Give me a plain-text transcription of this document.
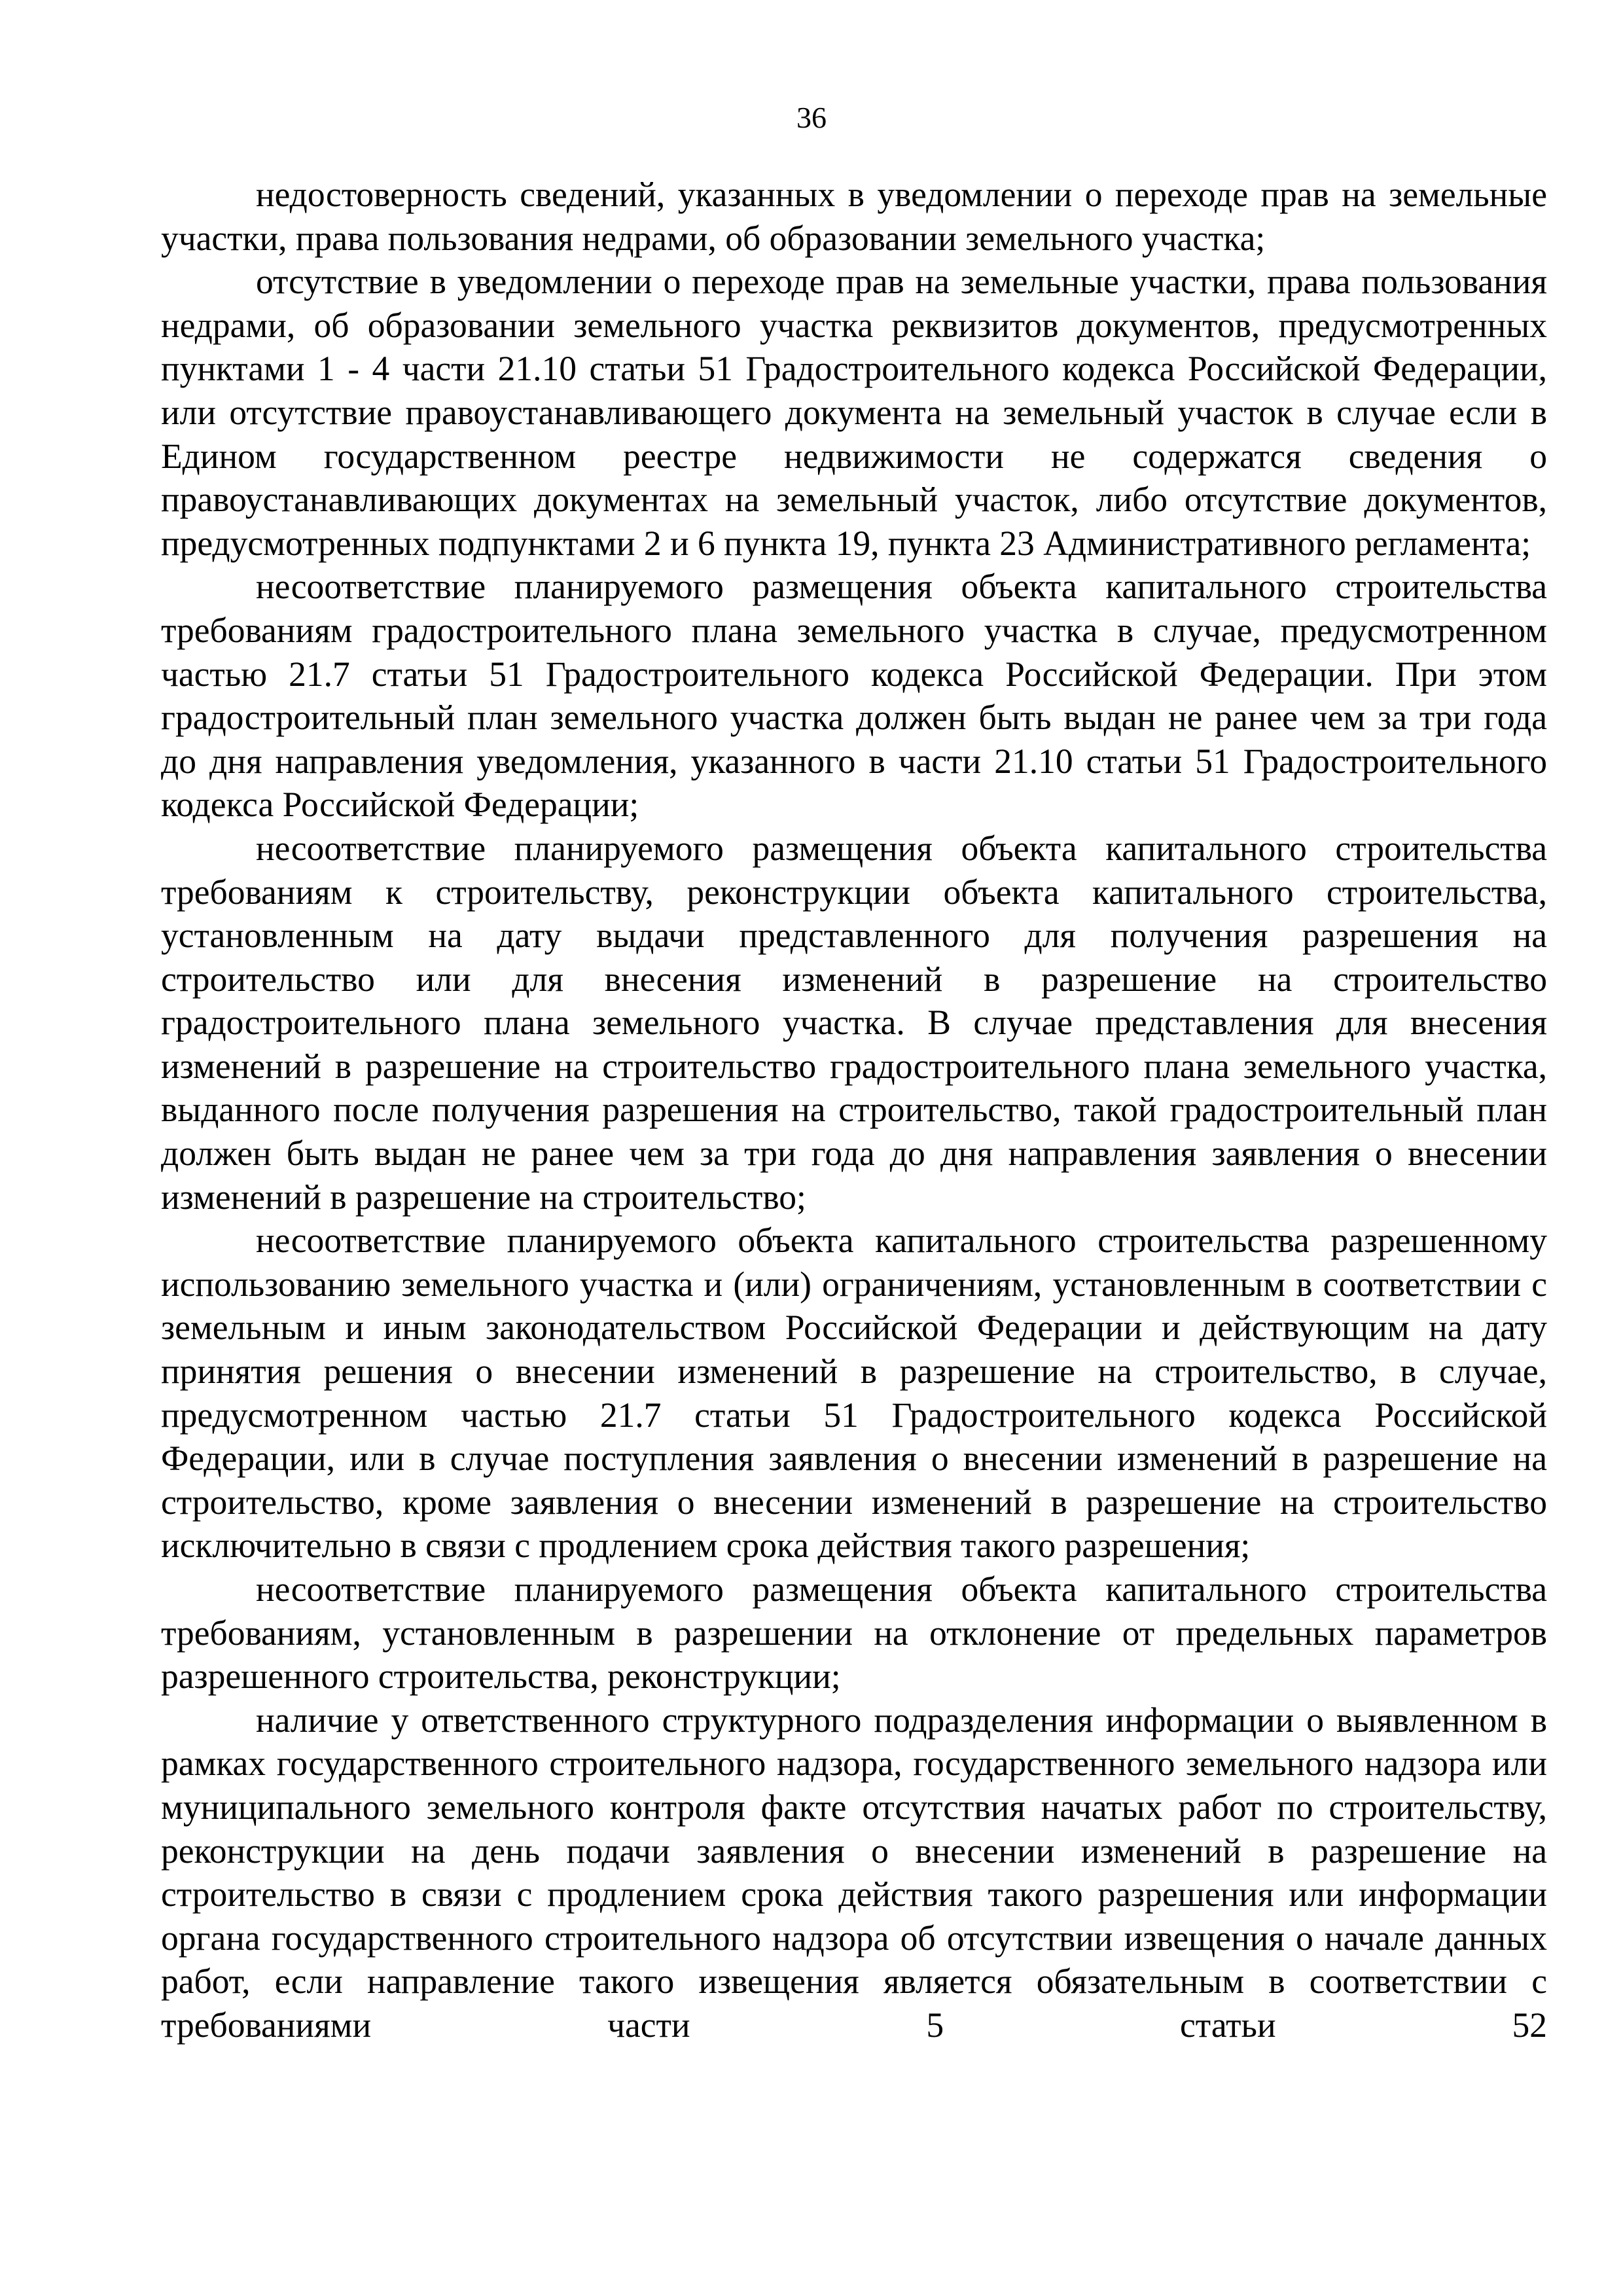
36

недостоверность сведений, указанных в уведомлении о переходе прав на земельные участки, права пользования недрами, об образовании земельного участка;

отсутствие в уведомлении о переходе прав на земельные участки, права пользования недрами, об образовании земельного участка реквизитов документов, предусмотренных пунктами 1 - 4 части 21.10 статьи 51 Градостроительного кодекса Российской Федерации, или отсутствие правоустанавливающего документа на земельный участок в случае если в Едином государственном реестре недвижимости не содержатся сведения о правоустанавливающих документах на земельный участок, либо отсутствие документов, предусмотренных подпунктами 2 и 6 пункта 19, пункта 23 Административного регламента;

несоответствие планируемого размещения объекта капитального строительства требованиям градостроительного плана земельного участка в случае, предусмотренном частью 21.7 статьи 51 Градостроительного кодекса Российской Федерации. При этом градостроительный план земельного участка должен быть выдан не ранее чем за три года до дня направления уведомления, указанного в части 21.10 статьи 51 Градостроительного кодекса Российской Федерации;

несоответствие планируемого размещения объекта капитального строительства требованиям к строительству, реконструкции объекта капитального строительства, установленным на дату выдачи представленного для получения разрешения на строительство или для внесения изменений в разрешение на строительство градостроительного плана земельного участка. В случае представления для внесения изменений в разрешение на строительство градостроительного плана земельного участка, выданного после получения разрешения на строительство, такой градостроительный план должен быть выдан не ранее чем за три года до дня направления заявления о внесении изменений в разрешение на строительство;

несоответствие планируемого объекта капитального строительства разрешенному использованию земельного участка и (или) ограничениям, установленным в соответствии с земельным и иным законодательством Российской Федерации и действующим на дату принятия решения о внесении изменений в разрешение на строительство, в случае, предусмотренном частью 21.7 статьи 51 Градостроительного кодекса Российской Федерации, или в случае поступления заявления о внесении изменений в разрешение на строительство, кроме заявления о внесении изменений в разрешение на строительство исключительно в связи с продлением срока действия такого разрешения;

несоответствие планируемого размещения объекта капитального строительства требованиям, установленным в разрешении на отклонение от предельных параметров разрешенного строительства, реконструкции;

наличие у ответственного структурного подразделения информации о выявленном в рамках государственного строительного надзора, государственного земельного надзора или муниципального земельного контроля факте отсутствия начатых работ по строительству, реконструкции на день подачи заявления о внесении изменений в разрешение на строительство в связи с продлением срока действия такого разрешения или информации органа государственного строительного надзора об отсутствии извещения о начале данных работ, если направление такого извещения является обязательным в соответствии с требованиями части 5 статьи 52
